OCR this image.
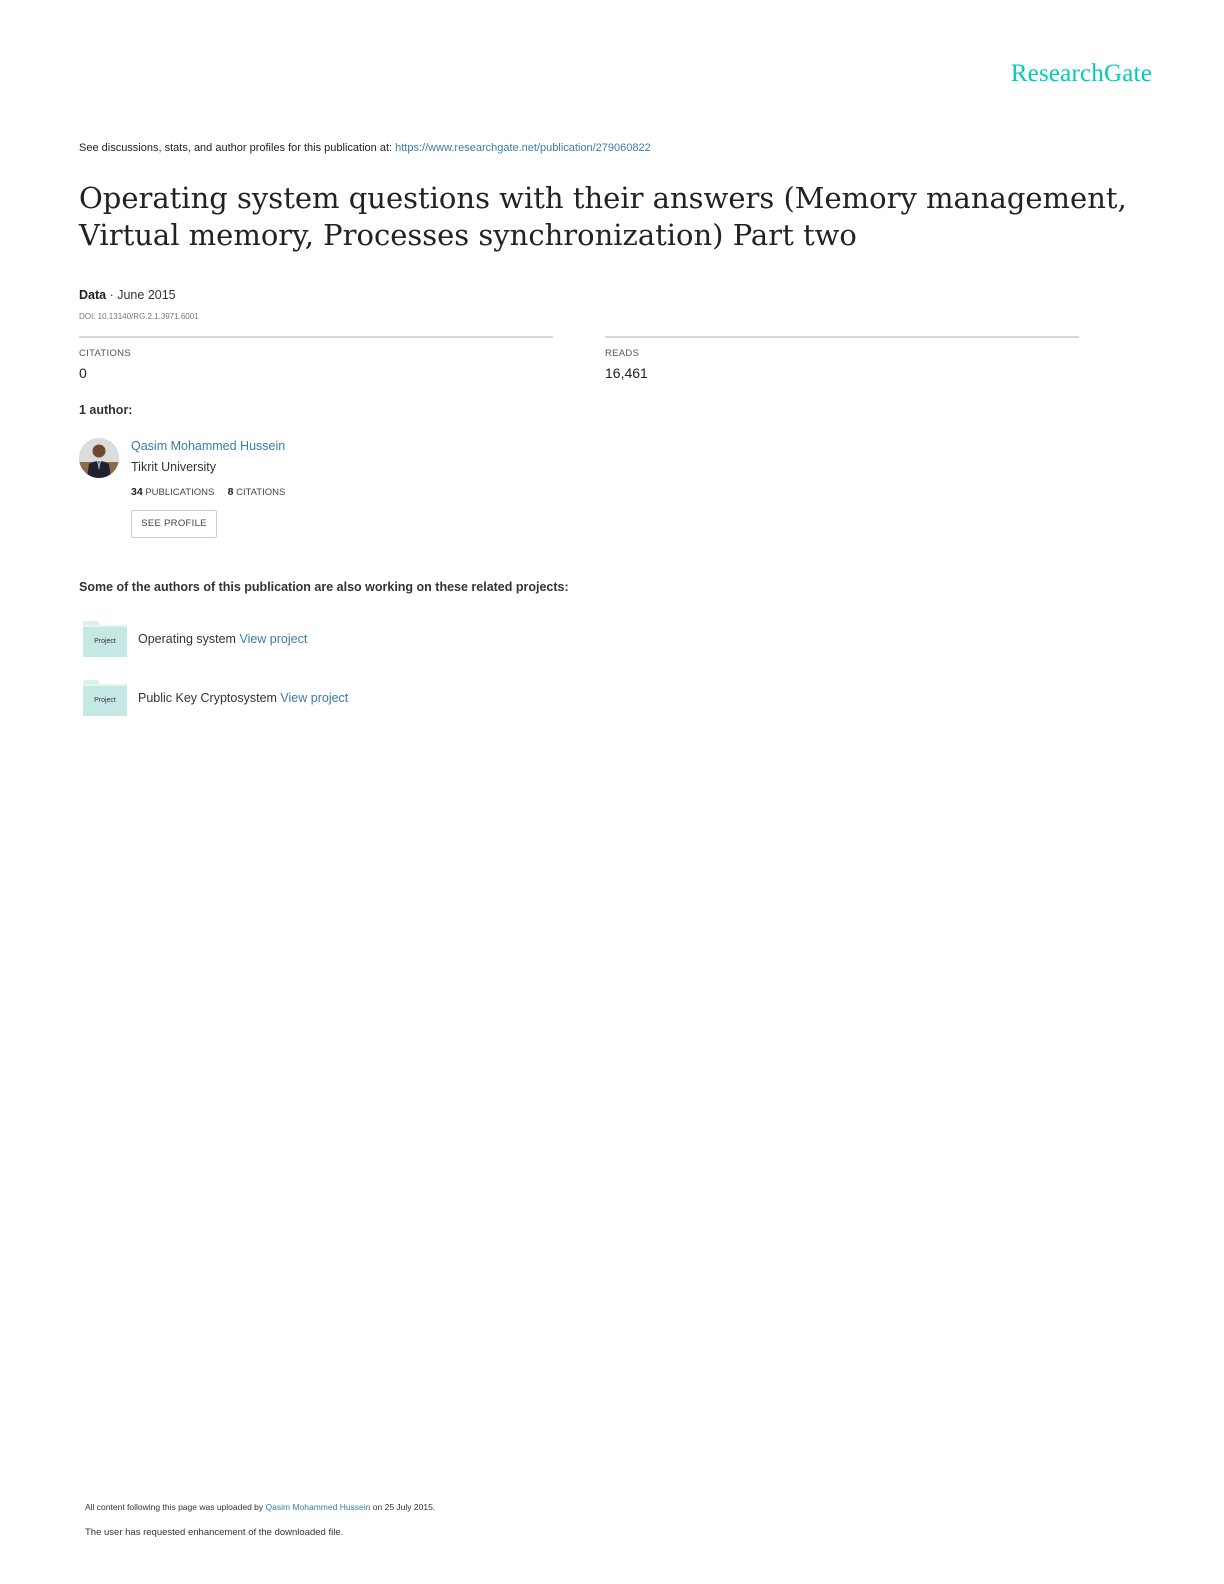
ResearchGate
See discussions, stats, and author profiles for this publication at: https://www.researchgate.net/publication/279060822
Operating system questions with their answers (Memory management, Virtual memory, Processes synchronization) Part two
Data · June 2015
DOI: 10.13140/RG.2.1.3971.6001
CITATIONS
0
READS
16,461
1 author:
Qasim Mohammed Hussein
Tikrit University
34 PUBLICATIONS 8 CITATIONS
SEE PROFILE
Some of the authors of this publication are also working on these related projects:
Project	Operating system View project
Project	Public Key Cryptosystem View project
All content following this page was uploaded by Qasim Mohammed Hussein on 25 July 2015.
The user has requested enhancement of the downloaded file.
